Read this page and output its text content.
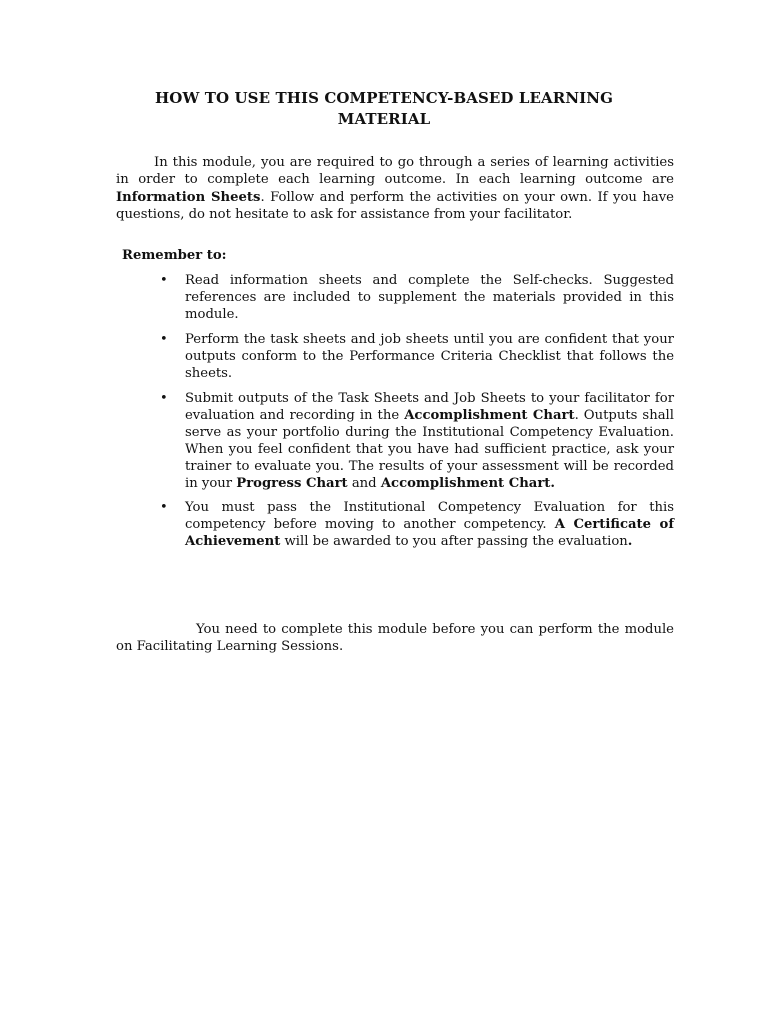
HOW TO USE THIS COMPETENCY-BASED LEARNING MATERIAL

In this module, you are required to go through a series of learning activities in order to complete each learning outcome. In each learning outcome are Information Sheets. Follow and perform the activities on your own. If you have questions, do not hesitate to ask for assistance from your facilitator.

Remember to:

•	Read information sheets and complete the Self-checks. Suggested references are included to supplement the materials provided in this module.
•	Perform the task sheets and job sheets until you are confident that your outputs conform to the Performance Criteria Checklist that follows the sheets.
•	Submit outputs of the Task Sheets and Job Sheets to your facilitator for evaluation and recording in the Accomplishment Chart. Outputs shall serve as your portfolio during the Institutional Competency Evaluation. When you feel confident that you have had sufficient practice, ask your trainer to evaluate you. The results of your assessment will be recorded in your Progress Chart and Accomplishment Chart.
•	You must pass the Institutional Competency Evaluation for this competency before moving to another competency. A Certificate of Achievement will be awarded to you after passing the evaluation.

You need to complete this module before you can perform the module on Facilitating Learning Sessions.
